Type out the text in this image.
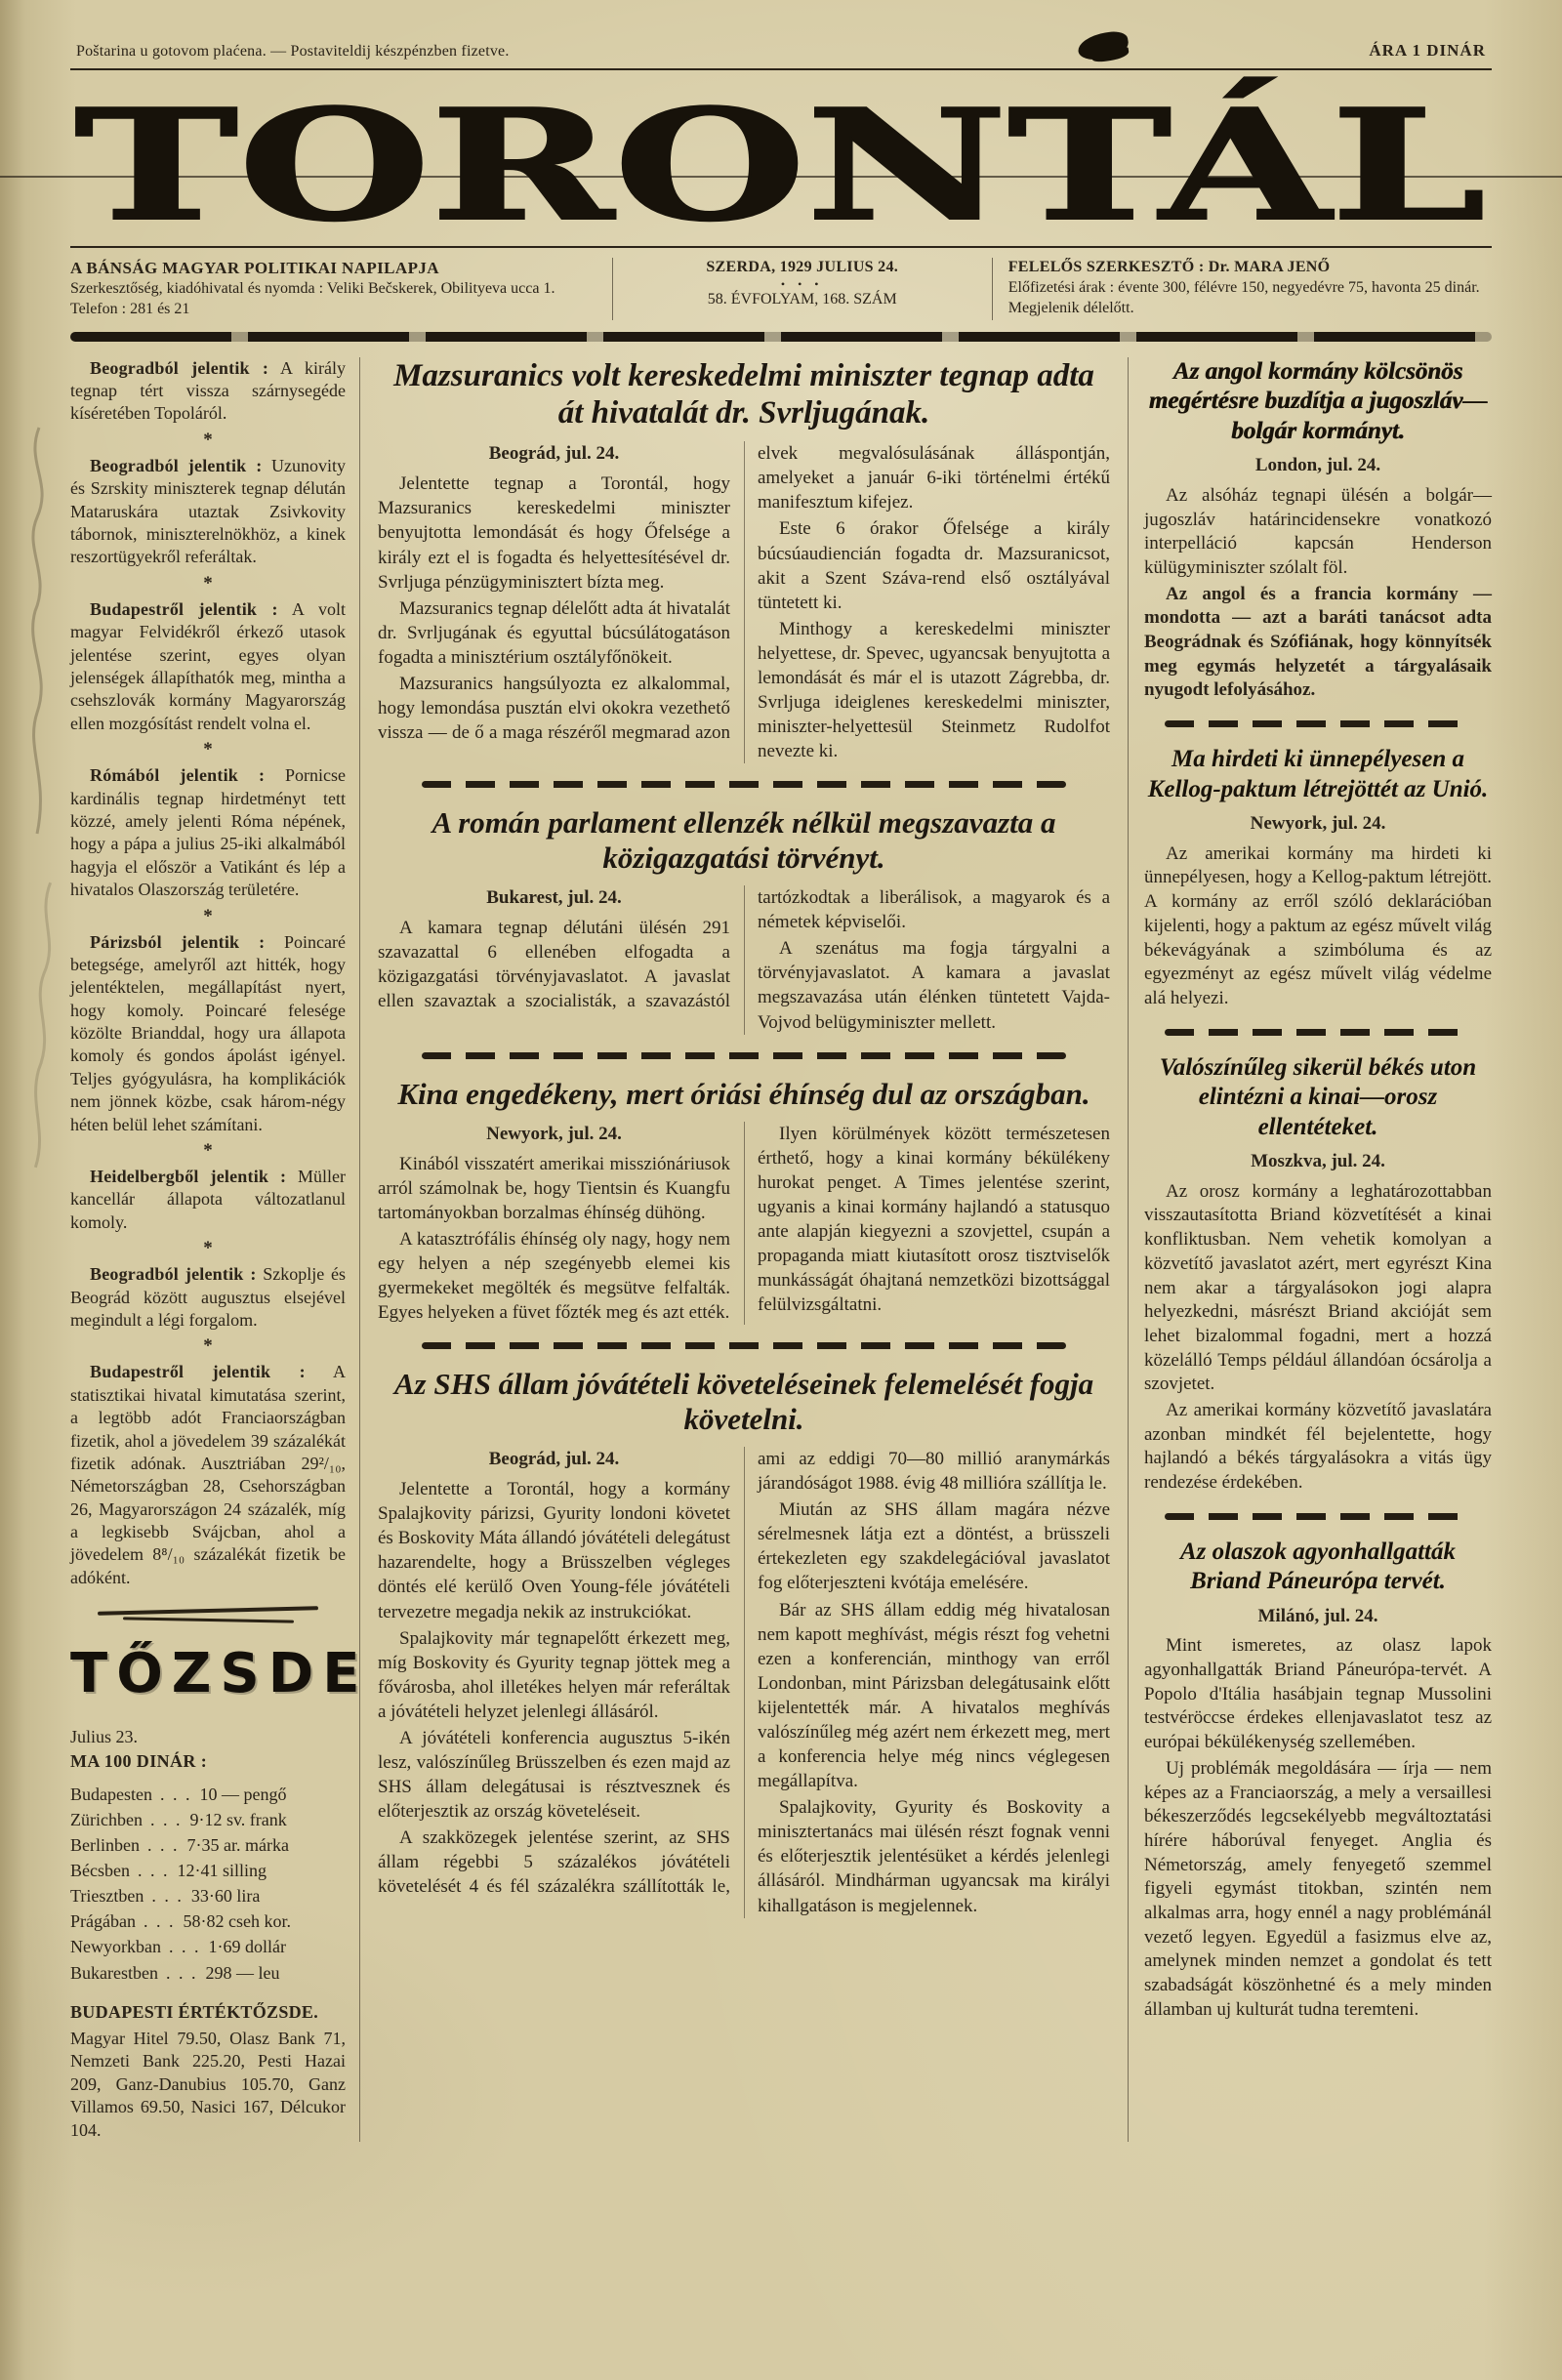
Poštarina u gotovom plaćena. — Postaviteldij készpénzben fizetve.	ÁRA 1 DINÁR
TORONTÁL
A BÁNSÁG MAGYAR POLITIKAI NAPILAPJA
Szerkesztőség, kiadóhivatal és nyomda : Veliki Bečskerek, Obilityeva ucca 1. Telefon : 281 és 21
SZERDA, 1929 JULIUS 24.
• • •
58. ÉVFOLYAM, 168. SZÁM
FELELŐS SZERKESZTŐ : Dr. MARA JENŐ
Előfizetési árak : évente 300, félévre 150, negyedévre 75, havonta 25 dinár. Megjelenik délelőtt.

Beogradból jelentik : A király tegnap tért vissza szárnysegéde kíséretében Topoláról.

*

Beogradból jelentik : Uzunovity és Szrskity miniszterek tegnap délután Mataruskára utaztak Zsivkovity tábornok, miniszterelnökhöz, a kinek reszortügyekről referáltak.

*

Budapestről jelentik : A volt magyar Felvidékről érkező utasok jelentése szerint, egyes olyan jelenségek állapíthatók meg, mintha a csehszlovák kormány Magyarország ellen mozgósítást rendelt volna el.

*

Rómából jelentik : Pornicse kardinális tegnap hirdetményt tett közzé, amely jelenti Róma népének, hogy a pápa a julius 25-iki alkalmából hagyja el először a Vatikánt és lép a hivatalos Olaszország területére.

*

Párizsból jelentik : Poincaré betegsége, amelyről azt hitték, hogy jelentéktelen, megállapítást nyert, hogy komoly. Poincaré felesége közölte Brianddal, hogy ura állapota komoly és gondos ápolást igényel. Teljes gyógyulásra, ha komplikációk nem jönnek közbe, csak három-négy héten belül lehet számítani.

*

Heidelbergből jelentik : Müller kancellár állapota változatlanul komoly.

*

Beogradból jelentik : Szkoplje és Beográd között augusztus elsejével megindult a légi forgalom.

*

Budapestről jelentik : A statisztikai hivatal kimutatása szerint, a legtöbb adót Franciaországban fizetik, ahol a jövedelem 39 százalékát fizetik adónak. Ausztriában 29²/₁₀, Németországban 28, Csehországban 26, Magyarországon 24 százalék, míg a legkisebb Svájcban, ahol a jövedelem 8⁸/₁₀ százalékát fizetik be adóként.

TŐZSDE
Julius 23.
MA 100 DINÁR :
Budapesten . . . 10 — pengő
Zürichben . . . 9·12 sv. frank
Berlinben . . . 7·35 ar. márka
Bécsben . . . 12·41 silling
Triesztben . . . 33·60 lira
Prágában . . . 58·82 cseh kor.
Newyorkban . . . 1·69 dollár
Bukarestben . . . 298 — leu
BUDAPESTI ÉRTÉKTŐZSDE.

Magyar Hitel 79.50, Olasz Bank 71, Nemzeti Bank 225.20, Pesti Hazai 209, Ganz-Danubius 105.70, Ganz Villamos 69.50, Nasici 167, Délcukor 104.

Mazsuranics volt kereskedelmi miniszter tegnap adta át hivatalát dr. Svrljugának.
Beográd, jul. 24.

Jelentette tegnap a Torontál, hogy Mazsuranics kereskedelmi miniszter benyujtotta lemondását és hogy Őfelsége a király ezt el is fogadta és helyettesítésével dr. Svrljuga pénzügyminisztert bízta meg.

Mazsuranics tegnap délelőtt adta át hivatalát dr. Svrljugának és egyuttal búcsúlátogatáson fogadta a minisztérium osztályfőnökeit.

Mazsuranics hangsúlyozta ez alkalommal, hogy lemondása pusztán elvi okokra vezethető vissza — de ő a maga részéről megmarad azon elvek megvalósulásának álláspontján, amelyeket a január 6-iki történelmi értékű manifesztum kifejez.

Este 6 órakor Őfelsége a király búcsúaudiencián fogadta dr. Mazsuranicsot, akit a Szent Száva-rend első osztályával tüntetett ki.

Minthogy a kereskedelmi miniszter helyettese, dr. Spevec, ugyancsak benyujtotta a lemondását és már el is utazott Zágrebba, dr. Svrljuga ideiglenes kereskedelmi miniszter, miniszter-helyettesül Steinmetz Rudolfot nevezte ki.

A román parlament ellenzék nélkül megszavazta a közigazgatási törvényt.
Bukarest, jul. 24.

A kamara tegnap délutáni ülésén 291 szavazattal 6 ellenében elfogadta a közigazgatási törvényjavaslatot. A javaslat ellen szavaztak a szocialisták, a szavazástól tartózkodtak a liberálisok, a magyarok és a németek képviselői.

A szenátus ma fogja tárgyalni a törvényjavaslatot. A kamara a javaslat megszavazása után élénken tüntetett Vajda-Vojvod belügyminiszter mellett.

Kina engedékeny, mert óriási éhínség dul az országban.
Newyork, jul. 24.

Kinából visszatért amerikai missziónáriusok arról számolnak be, hogy Tientsin és Kuangfu tartományokban borzalmas éhínség dühöng.

A katasztrófális éhínség oly nagy, hogy nem egy helyen a nép szegényebb elemei kis gyermekeket megölték és megsütve felfalták. Egyes helyeken a füvet főzték meg és azt ették.

Ilyen körülmények között természetesen érthető, hogy a kinai kormány békülékeny hurokat penget. A Times jelentése szerint, ugyanis a kinai kormány hajlandó a statusquo ante alapján kiegyezni a szovjettel, csupán a propaganda miatt kiutasított orosz tisztviselők munkásságát óhajtaná nemzetközi bizottsággal felülvizsgáltatni.

Az SHS állam jóvátételi követeléseinek felemelését fogja követelni.
Beográd, jul. 24.

Jelentette a Torontál, hogy a kormány Spalajkovity párizsi, Gyurity londoni követet és Boskovity Máta állandó jóvátételi delegátust hazarendelte, hogy a Brüsszelben végleges döntés elé kerülő Oven Young-féle jóvátételi tervezetre megadja nekik az instrukciókat.

Spalajkovity már tegnapelőtt érkezett meg, míg Boskovity és Gyurity tegnap jöttek meg a fővárosba, ahol illetékes helyen már referáltak a jóvátételi helyzet jelenlegi állásáról.

A jóvátételi konferencia augusztus 5-ikén lesz, valószínűleg Brüsszelben és ezen majd az SHS állam delegátusai is résztvesznek és előterjesztik az ország követeléseit.

A szakközegek jelentése szerint, az SHS állam régebbi 5 százalékos jóvátételi követelését 4 és fél százalékra szállították le, ami az eddigi 70—80 millió aranymárkás járandóságot 1988. évig 48 millióra szállítja le.

Miután az SHS állam magára nézve sérelmesnek látja ezt a döntést, a brüsszeli értekezleten egy szakdelegációval javaslatot fog előterjeszteni kvótája emelésére.

Bár az SHS állam eddig még hivatalosan nem kapott meghívást, mégis részt fog vehetni ezen a konferencián, minthogy van erről Londonban, mint Párizsban delegátusaink előtt kijelentették már. A hivatalos meghívás valószínűleg még azért nem érkezett meg, mert a konferencia helye még nincs véglegesen megállapítva.

Spalajkovity, Gyurity és Boskovity a minisztertanács mai ülésén részt fognak venni és előterjesztik jelentésüket a kérdés jelenlegi állásáról. Mindhárman ugyancsak ma királyi kihallgatáson is megjelennek.

Az angol kormány kölcsönös megértésre buzdítja a jugoszláv—bolgár kormányt.
London, jul. 24.

Az alsóház tegnapi ülésén a bolgár—jugoszláv határincidensekre vonatkozó interpelláció kapcsán Henderson külügyminiszter szólalt föl.

Az angol és a francia kormány — mondotta — azt a baráti tanácsot adta Beográdnak és Szófiának, hogy könnyítsék meg egymás helyzetét a tárgyalásaik nyugodt lefolyásához.

Ma hirdeti ki ünnepélyesen a Kellog-paktum létrejöttét az Unió.
Newyork, jul. 24.

Az amerikai kormány ma hirdeti ki ünnepélyesen, hogy a Kellog-paktum létrejött. A kormány az erről szóló deklarációban kijelenti, hogy a paktum az egész művelt világ békevágyának a szimbóluma és az egyezményt az egész művelt világ védelme alá helyezi.

Valószínűleg sikerül békés uton elintézni a kinai—orosz ellentéteket.
Moszkva, jul. 24.

Az orosz kormány a leghatározottabban visszautasította Briand közvetítését a kinai konfliktusban. Nem vehetik komolyan a közvetítő javaslatot azért, mert egyrészt Kina nem akar a tárgyalásokon jogi alapra helyezkedni, másrészt Briand akcióját sem lehet bizalommal fogadni, mert a hozzá közelálló Temps például állandóan ócsárolja a szovjetet.

Az amerikai kormány közvetítő javaslatára azonban mindkét fél bejelentette, hogy hajlandó a békés tárgyalásokra a vitás ügy rendezése érdekében.

Az olaszok agyonhallgatták Briand Páneurópa tervét.
Milánó, jul. 24.

Mint ismeretes, az olasz lapok agyonhallgatták Briand Páneurópa-tervét. A Popolo d'Itália hasábjain tegnap Mussolini testvéröccse érdekes ellenjavaslatot tesz az európai békülékenység szellemében.

Uj problémák megoldására — írja — nem képes az a Franciaország, a mely a versaillesi békeszerződés legcsekélyebb megváltoztatási hírére háborúval fenyeget. Anglia és Németország, amely fenyegető szemmel figyeli egymást titokban, szintén nem alkalmas arra, hogy ennél a nagy problémánál vezető legyen. Egyedül a fasizmus elve az, amelynek minden nemzet a gondolat és tett szabadságát köszönhetné és a mely minden államban uj kulturát tudna teremteni.
